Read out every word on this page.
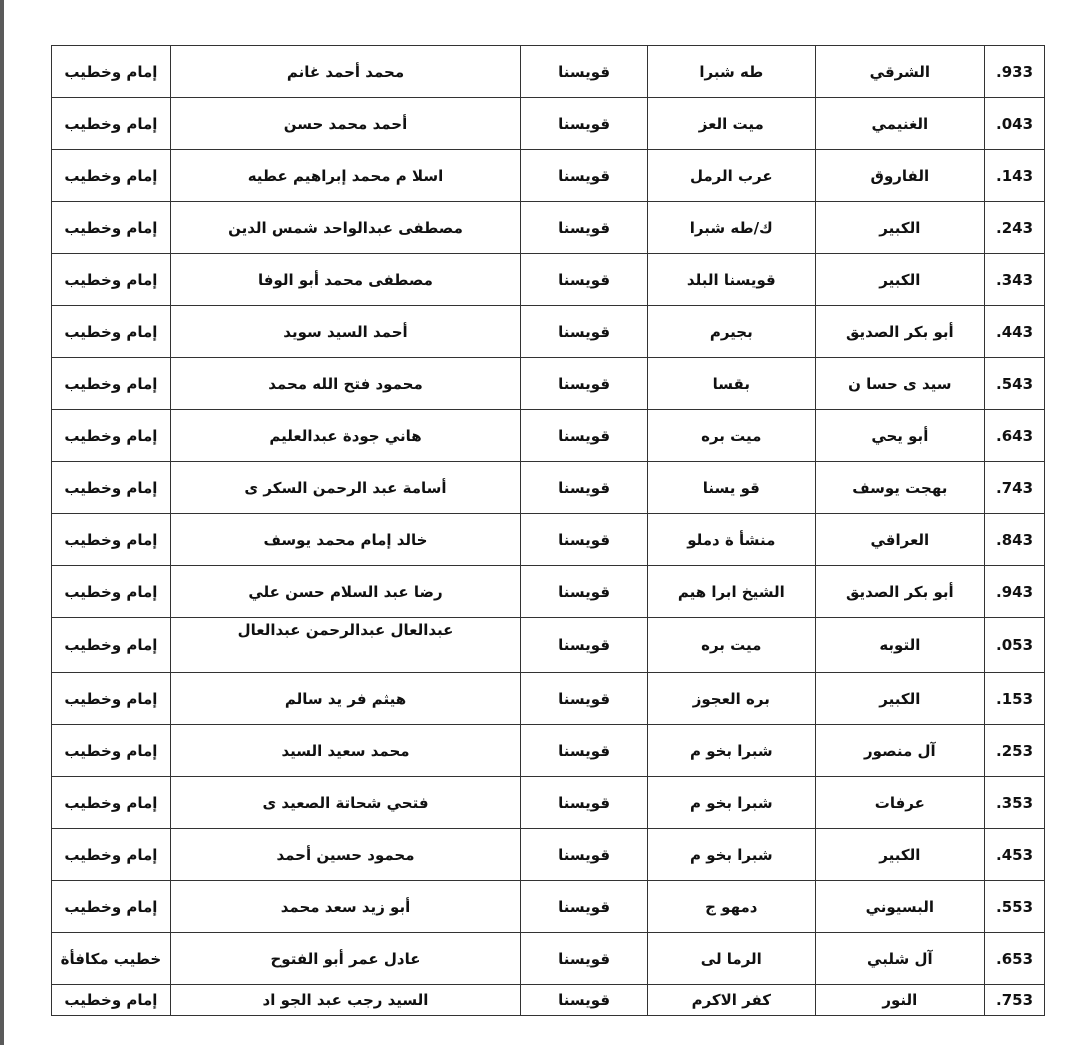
.933	الشرقي	طه شبرا	قويسنا	محمد أحمد غانم	إمام وخطيب
.043	الغنيمي	ميت العز	قويسنا	أحمد محمد حسن	إمام وخطيب
.143	الفاروق	عرب الرمل	قويسنا	اسلا م محمد إبراهيم عطيه	إمام وخطيب
.243	الكبير	ك/طه شبرا	قويسنا	مصطفى عبدالواحد شمس الدين	إمام وخطيب
.343	الكبير	قويسنا البلد	قويسنا	مصطفى محمد أبو الوفا	إمام وخطيب
.443	أبو بكر الصديق	بجيرم	قويسنا	أحمد السيد سويد	إمام وخطيب
.543	سيد ى حسا ن	بقسا	قويسنا	محمود فتح الله محمد	إمام وخطيب
.643	أبو يحي	ميت بره	قويسنا	هاني جودة عبدالعليم	إمام وخطيب
.743	بهجت يوسف	قو يسنا	قويسنا	أسامة عبد الرحمن السكر ى	إمام وخطيب
.843	العراقي	منشأ ة دملو	قويسنا	خالد إمام محمد يوسف	إمام وخطيب
.943	أبو بكر الصديق	الشيخ ابرا هيم	قويسنا	رضا عبد السلام حسن علي	إمام وخطيب
.053	التوبه	ميت بره	قويسنا	عبدالعال عبدالرحمن عبدالعال	إمام وخطيب
.153	الكبير	بره العجوز	قويسنا	هيثم فر يد سالم	إمام وخطيب
.253	آل منصور	شبرا بخو م	قويسنا	محمد سعيد السيد	إمام وخطيب
.353	عرفات	شبرا بخو م	قويسنا	فتحي شحاتة الصعيد ى	إمام وخطيب
.453	الكبير	شبرا بخو م	قويسنا	محمود حسين أحمد	إمام وخطيب
.553	البسيوني	دمهو ج	قويسنا	أبو زيد سعد محمد	إمام وخطيب
.653	آل شلبي	الرما لى	قويسنا	عادل عمر أبو الفتوح	خطيب مكافأة
.753	النور	كفر الاكرم	قويسنا	السيد رجب عبد الجو اد	إمام وخطيب
